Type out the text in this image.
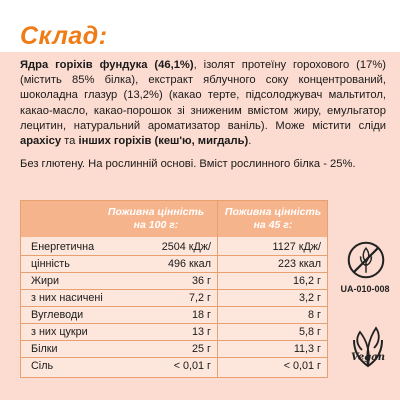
Склад:
Ядра горіхів фундука (46,1%), ізолят протеїну горохового (17%) (містить 85% білка), екстракт яблучного соку концентрований, шоколадна глазур (13,2%) (какао терте, підсолоджувач мальтитол, какао-масло, какао-порошок зі зниженим вмістом жиру, емульгатор лецитин, натуральний ароматизатор ваніль). Може містити сліди арахісу та інших горіхів (кеш'ю, мигдаль).
Без глютену. На рослинній основі. Вміст рослинного білка - 25%.
Поживна цінність на 100 г:
Поживна цінність на 45 г:
Енергетична	2504 кДж/	1127 кДж/
цінність	496 ккал	223 ккал
Жири	36 г	16,2 г
з них насичені	7,2 г	3,2 г
Вуглеводи	18 г	8 г
з них цукри	13 г	5,8 г
Білки	25 г	11,3 г
Сіль	< 0,01 г	< 0,01 г
UA-010-008
Vegan
